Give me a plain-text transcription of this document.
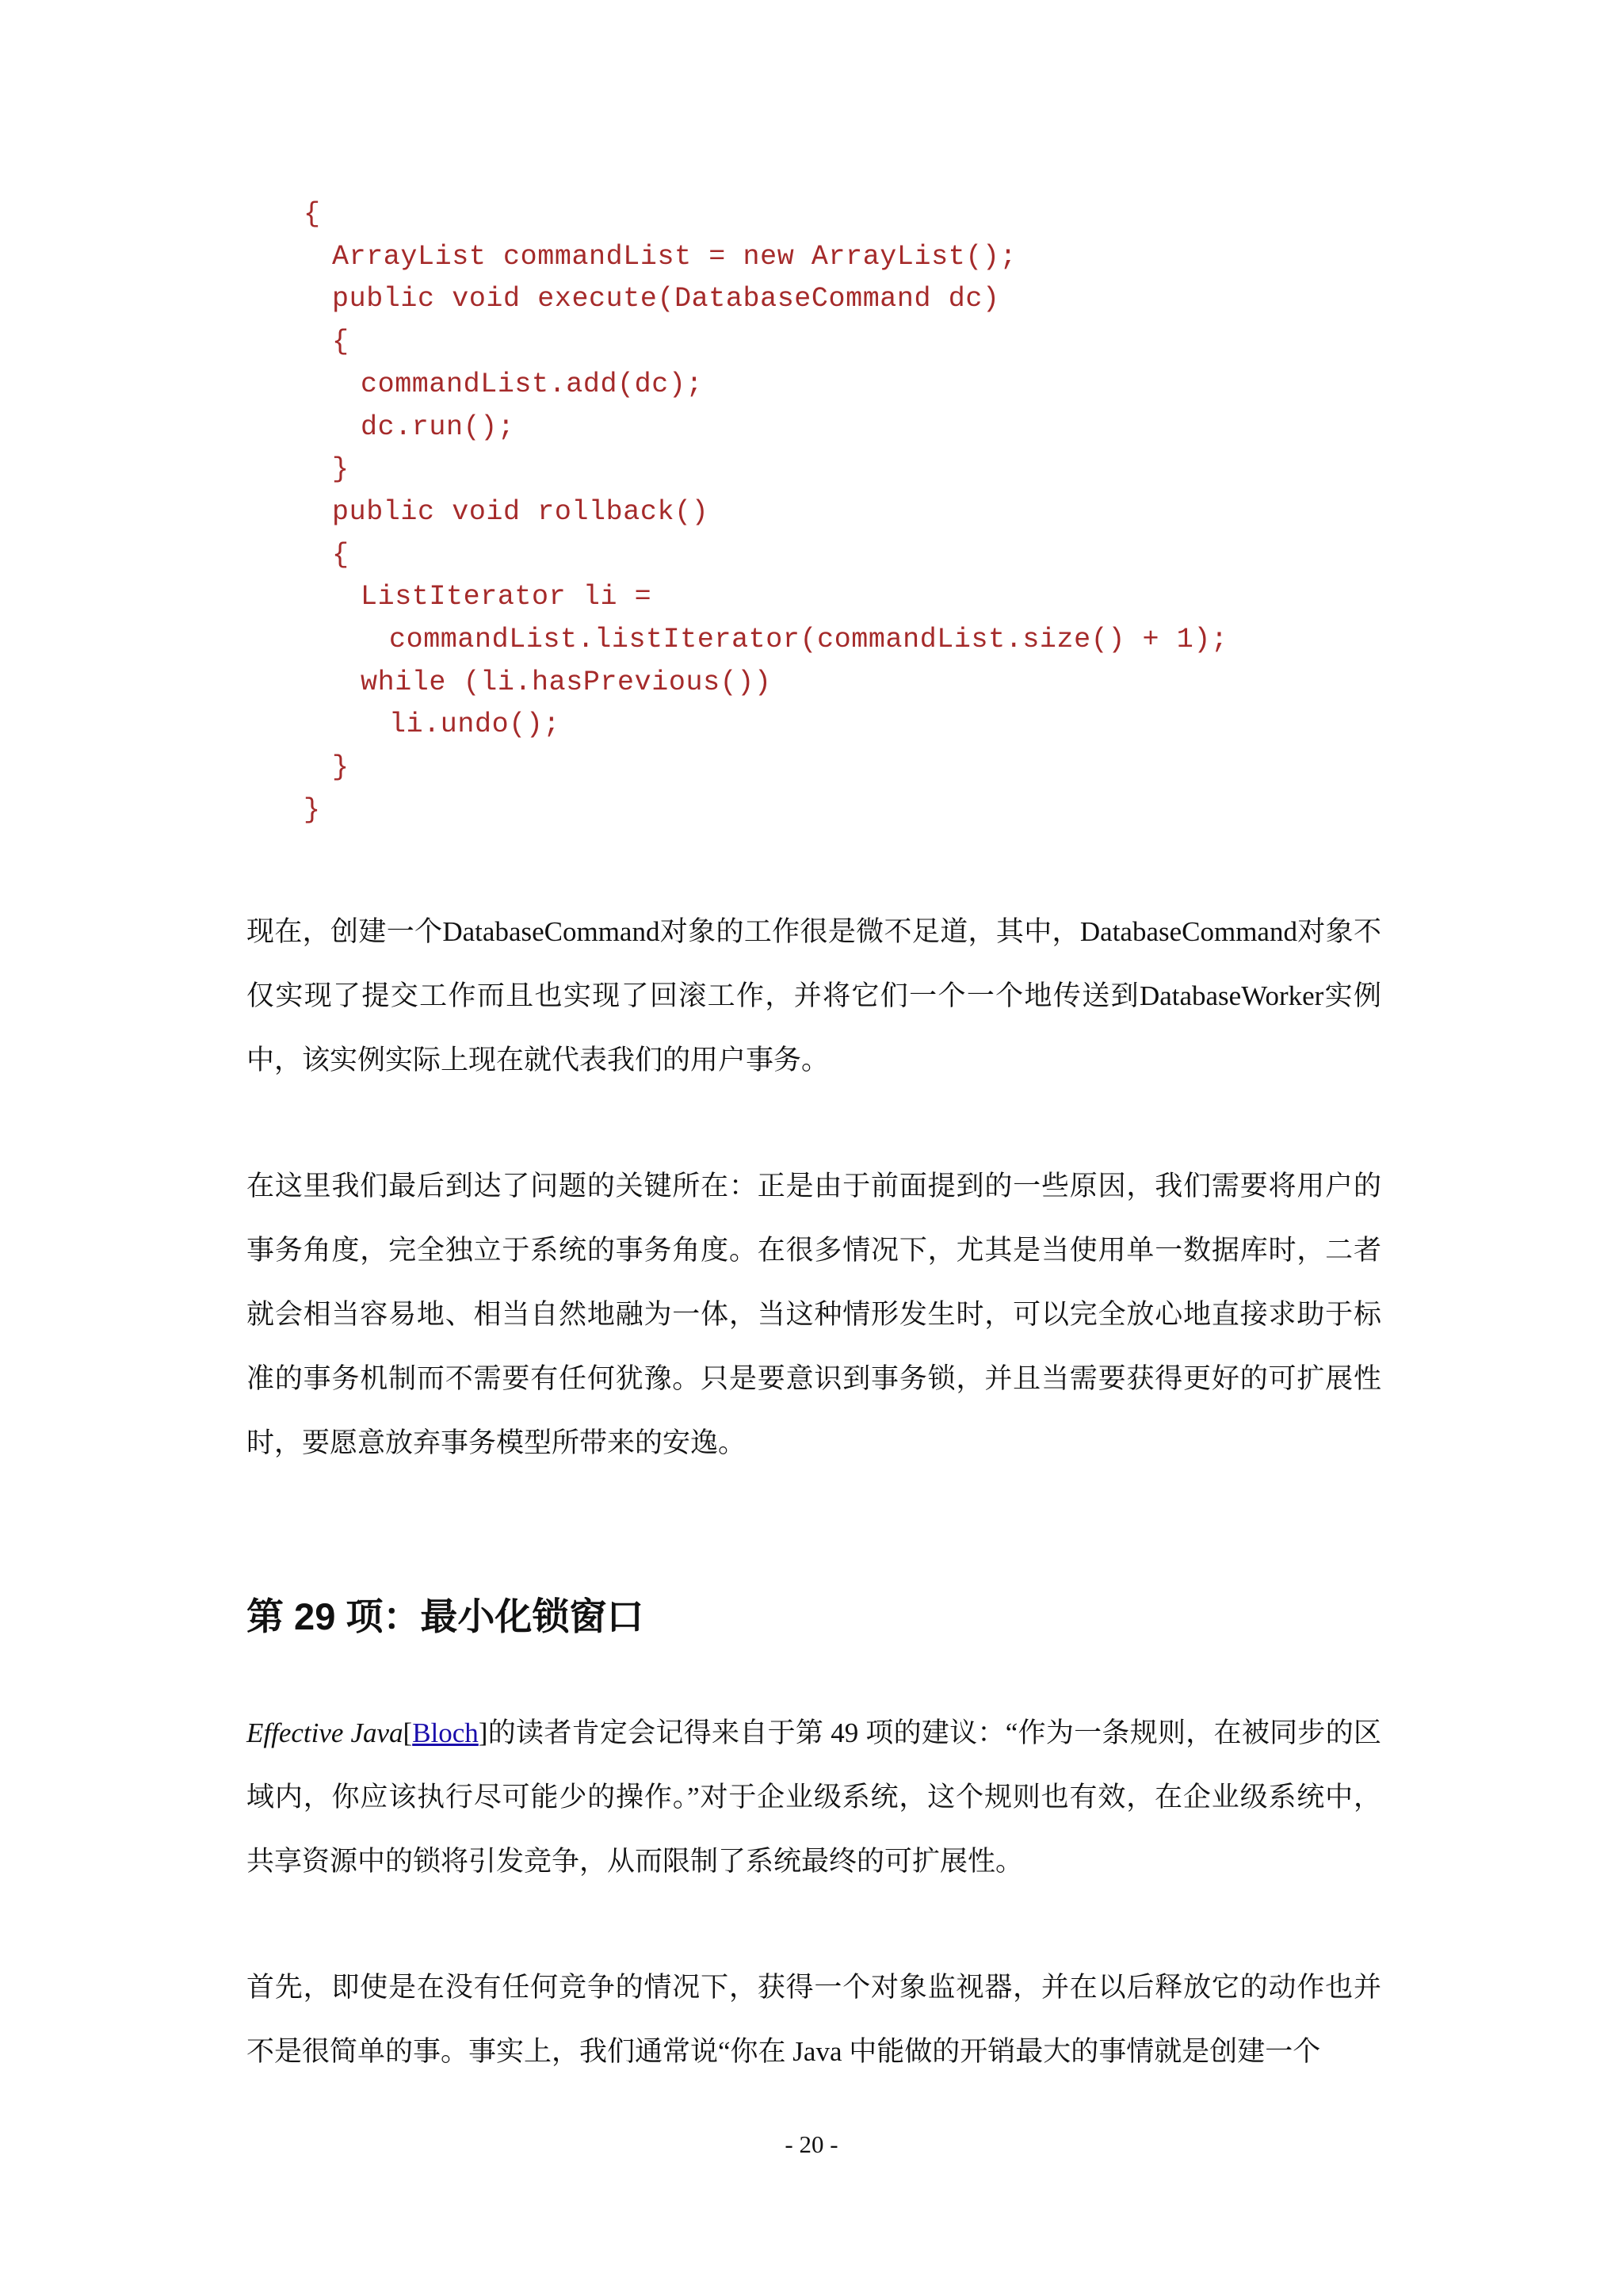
{
ArrayList commandList = new ArrayList();
public void execute(DatabaseCommand dc)
{
commandList.add(dc);
dc.run();
}
public void rollback()
{
ListIterator li =
commandList.listIterator(commandList.size() + 1);
while (li.hasPrevious())
li.undo();
}
}

现在，创建一个DatabaseCommand对象的工作很是微不足道，其中，DatabaseCommand对象不仅实现了提交工作而且也实现了回滚工作，并将它们一个一个地传送到DatabaseWorker实例中，该实例实际上现在就代表我们的用户事务。

在这里我们最后到达了问题的关键所在：正是由于前面提到的一些原因，我们需要将用户的事务角度，完全独立于系统的事务角度。在很多情况下，尤其是当使用单一数据库时，二者就会相当容易地、相当自然地融为一体，当这种情形发生时，可以完全放心地直接求助于标准的事务机制而不需要有任何犹豫。只是要意识到事务锁，并且当需要获得更好的可扩展性时，要愿意放弃事务模型所带来的安逸。

第 29 项：最小化锁窗口

Effective Java[Bloch]的读者肯定会记得来自于第 49 项的建议：“作为一条规则，在被同步的区域内，你应该执行尽可能少的操作。”对于企业级系统，这个规则也有效，在企业级系统中，共享资源中的锁将引发竞争，从而限制了系统最终的可扩展性。

首先，即使是在没有任何竞争的情况下，获得一个对象监视器，并在以后释放它的动作也并不是很简单的事。事实上，我们通常说“你在 Java 中能做的开销最大的事情就是创建一个

- 20 -
